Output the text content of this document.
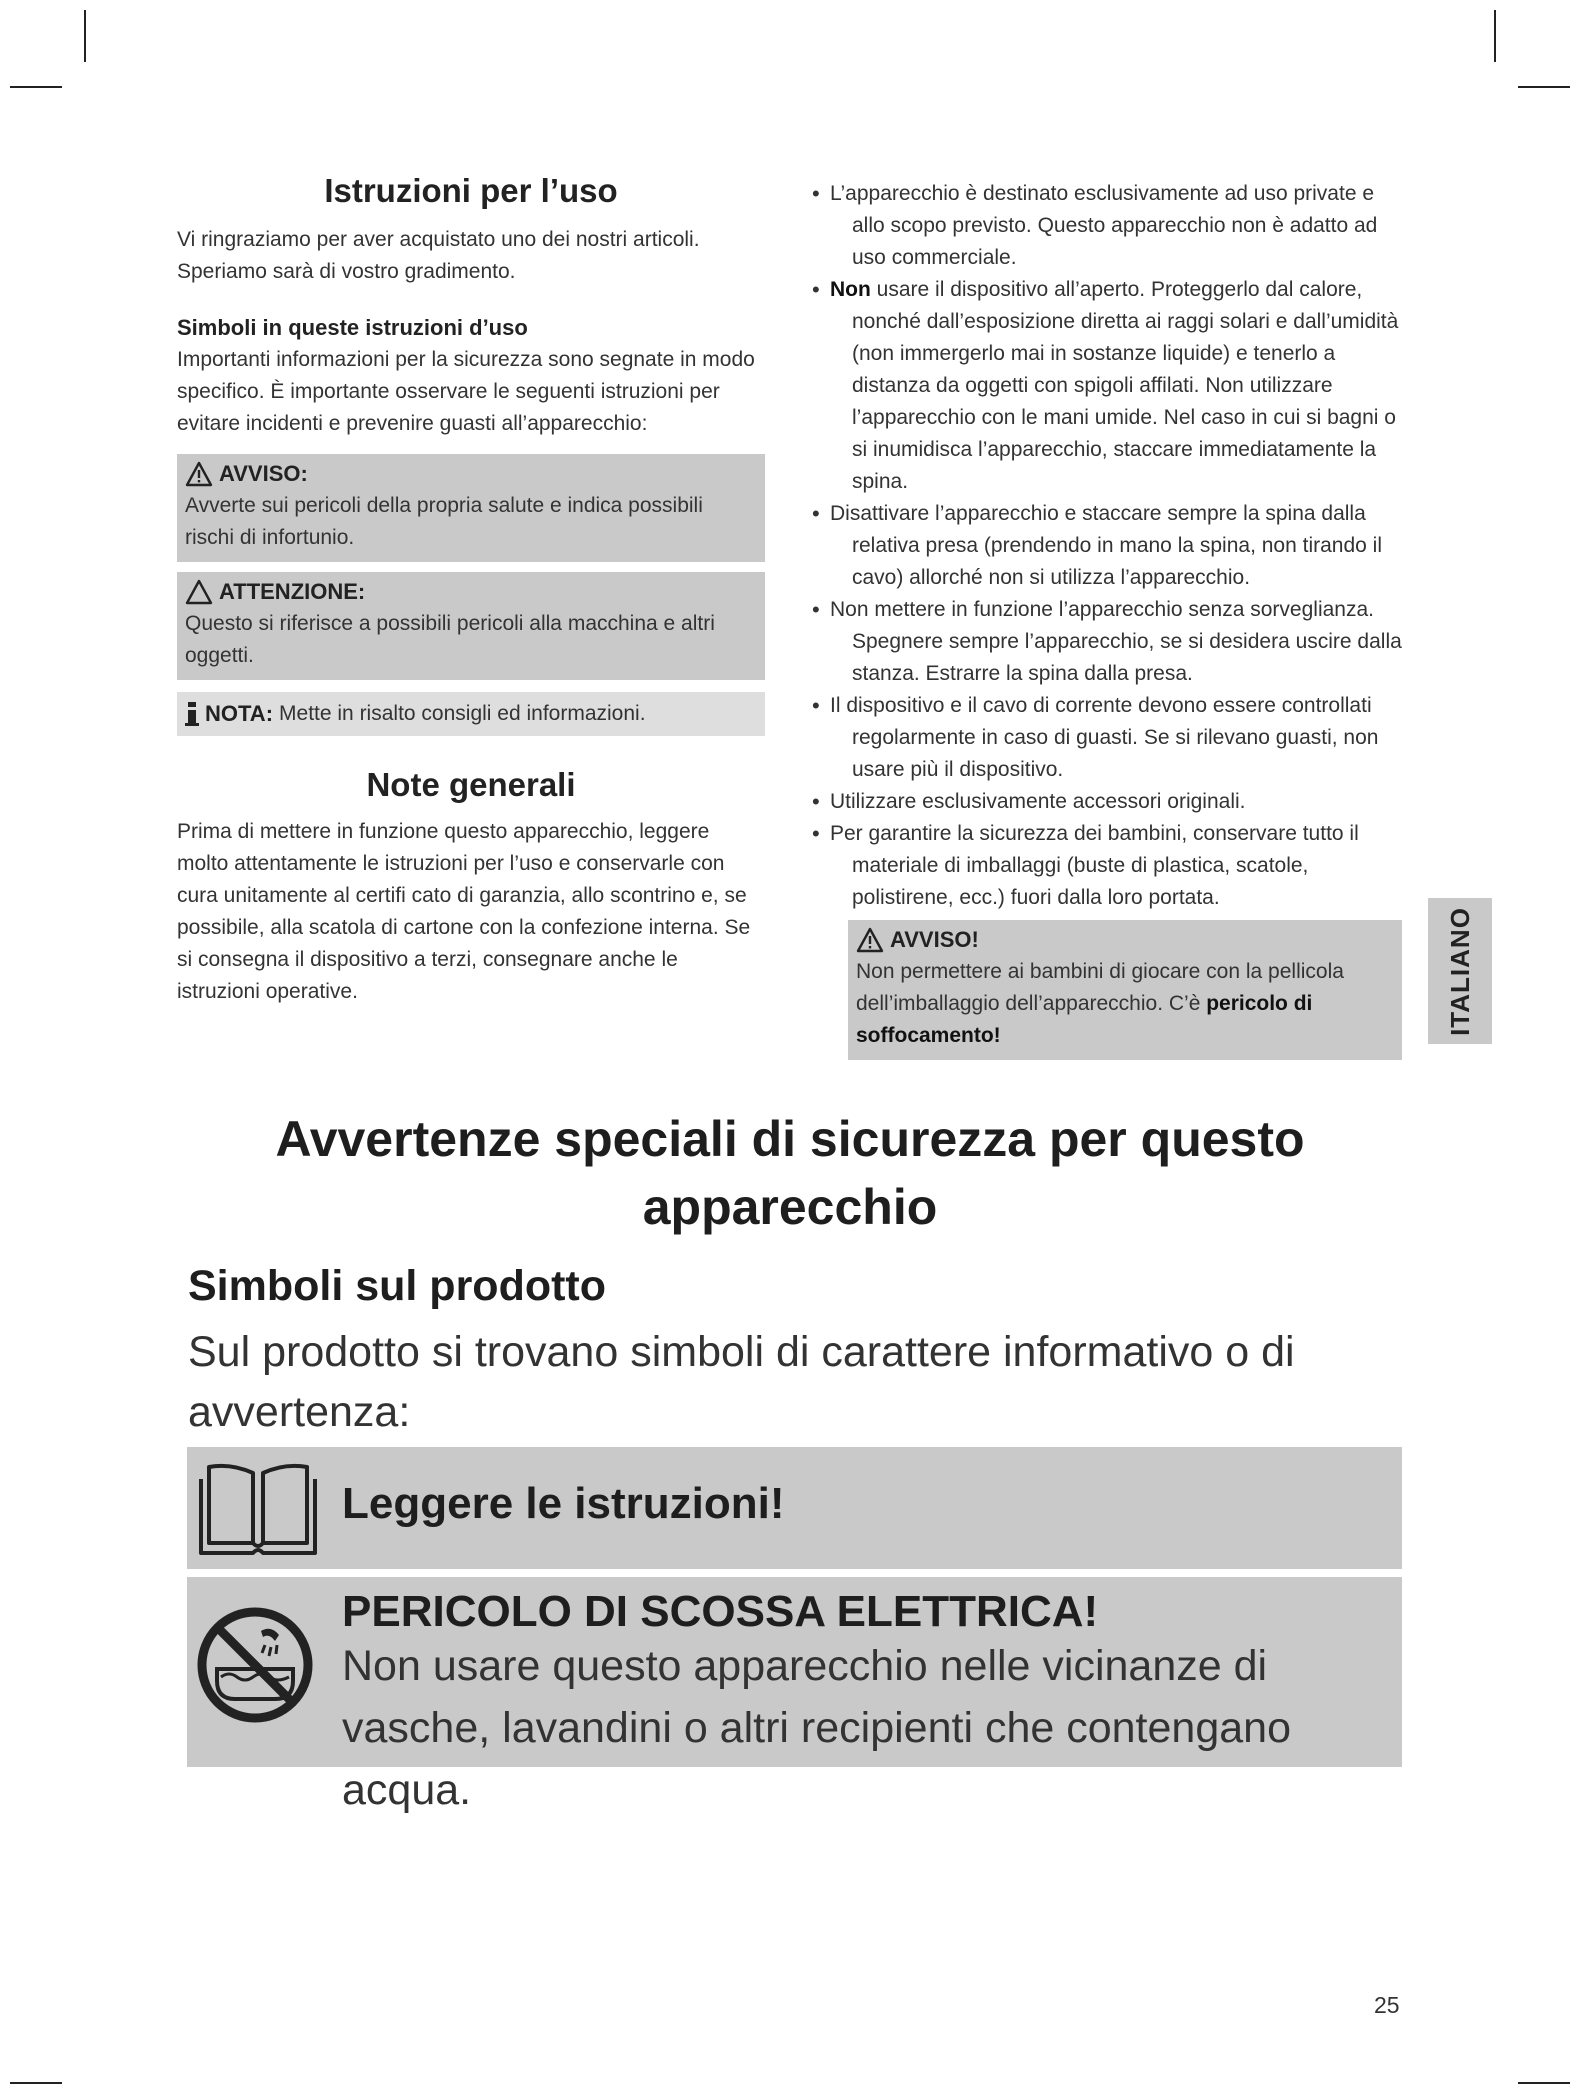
Istruzioni per l’uso

Vi ringraziamo per aver acquistato uno dei nostri articoli. Speriamo sarà di vostro gradimento.

Simboli in queste istruzioni d’uso

Importanti informazioni per la sicurezza sono segnate in modo specifico. È importante osservare le seguenti istruzioni per evitare incidenti e prevenire guasti all’apparecchio:

AVVISO:
Avverte sui pericoli della propria salute e indica possibili rischi di infortunio.
ATTENZIONE:
Questo si riferisce a possibili pericoli alla macchina e altri oggetti.
NOTA: Mette in risalto consigli ed informazioni.
Note generali

Prima di mettere in funzione questo apparecchio, leggere molto attentamente le istruzioni per l’uso e conservarle con cura unitamente al certifi cato di garanzia, allo scontrino e, se possibile, alla scatola di cartone con la confezione interna. Se si consegna il dispositivo a terzi, consegnare anche le istruzioni operative.

• L’apparecchio è destinato esclusivamente ad uso private e allo scopo previsto. Questo apparecchio non è adatto ad uso commerciale.
• Non usare il dispositivo all’aperto. Proteggerlo dal calore, nonché dall’esposizione diretta ai raggi solari e dall’umidità (non immergerlo mai in sostanze liquide) e tenerlo a distanza da oggetti con spigoli affilati. Non utilizzare l’apparecchio con le mani umide. Nel caso in cui si bagni o si inumidisca l’apparecchio, staccare immediatamente la spina.
• Disattivare l’apparecchio e staccare sempre la spina dalla relativa presa (prendendo in mano la spina, non tirando il cavo) allorché non si utilizza l’apparecchio.
• Non mettere in funzione l’apparecchio senza sorveglianza. Spegnere sempre l’apparecchio, se si desidera uscire dalla stanza. Estrarre la spina dalla presa.
• Il dispositivo e il cavo di corrente devono essere controllati regolarmente in caso di guasti. Se si rilevano guasti, non usare più il dispositivo.
• Utilizzare esclusivamente accessori originali.
• Per garantire la sicurezza dei bambini, conservare tutto il materiale di imballaggi (buste di plastica, scatole, polistirene, ecc.) fuori dalla loro portata.
AVVISO!
Non permettere ai bambini di giocare con la pellicola dell’imballaggio dell’apparecchio. C’è pericolo di soffocamento!
ITALIANO
Avvertenze speciali di sicurezza per questo apparecchio
Simboli sul prodotto

Sul prodotto si trovano simboli di carattere informativo o di avvertenza:

Leggere le istruzioni!
PERICOLO DI SCOSSA ELETTRICA!
Non usare questo apparecchio nelle vicinanze di vasche, lavandini o altri recipienti che contengano acqua.
25
